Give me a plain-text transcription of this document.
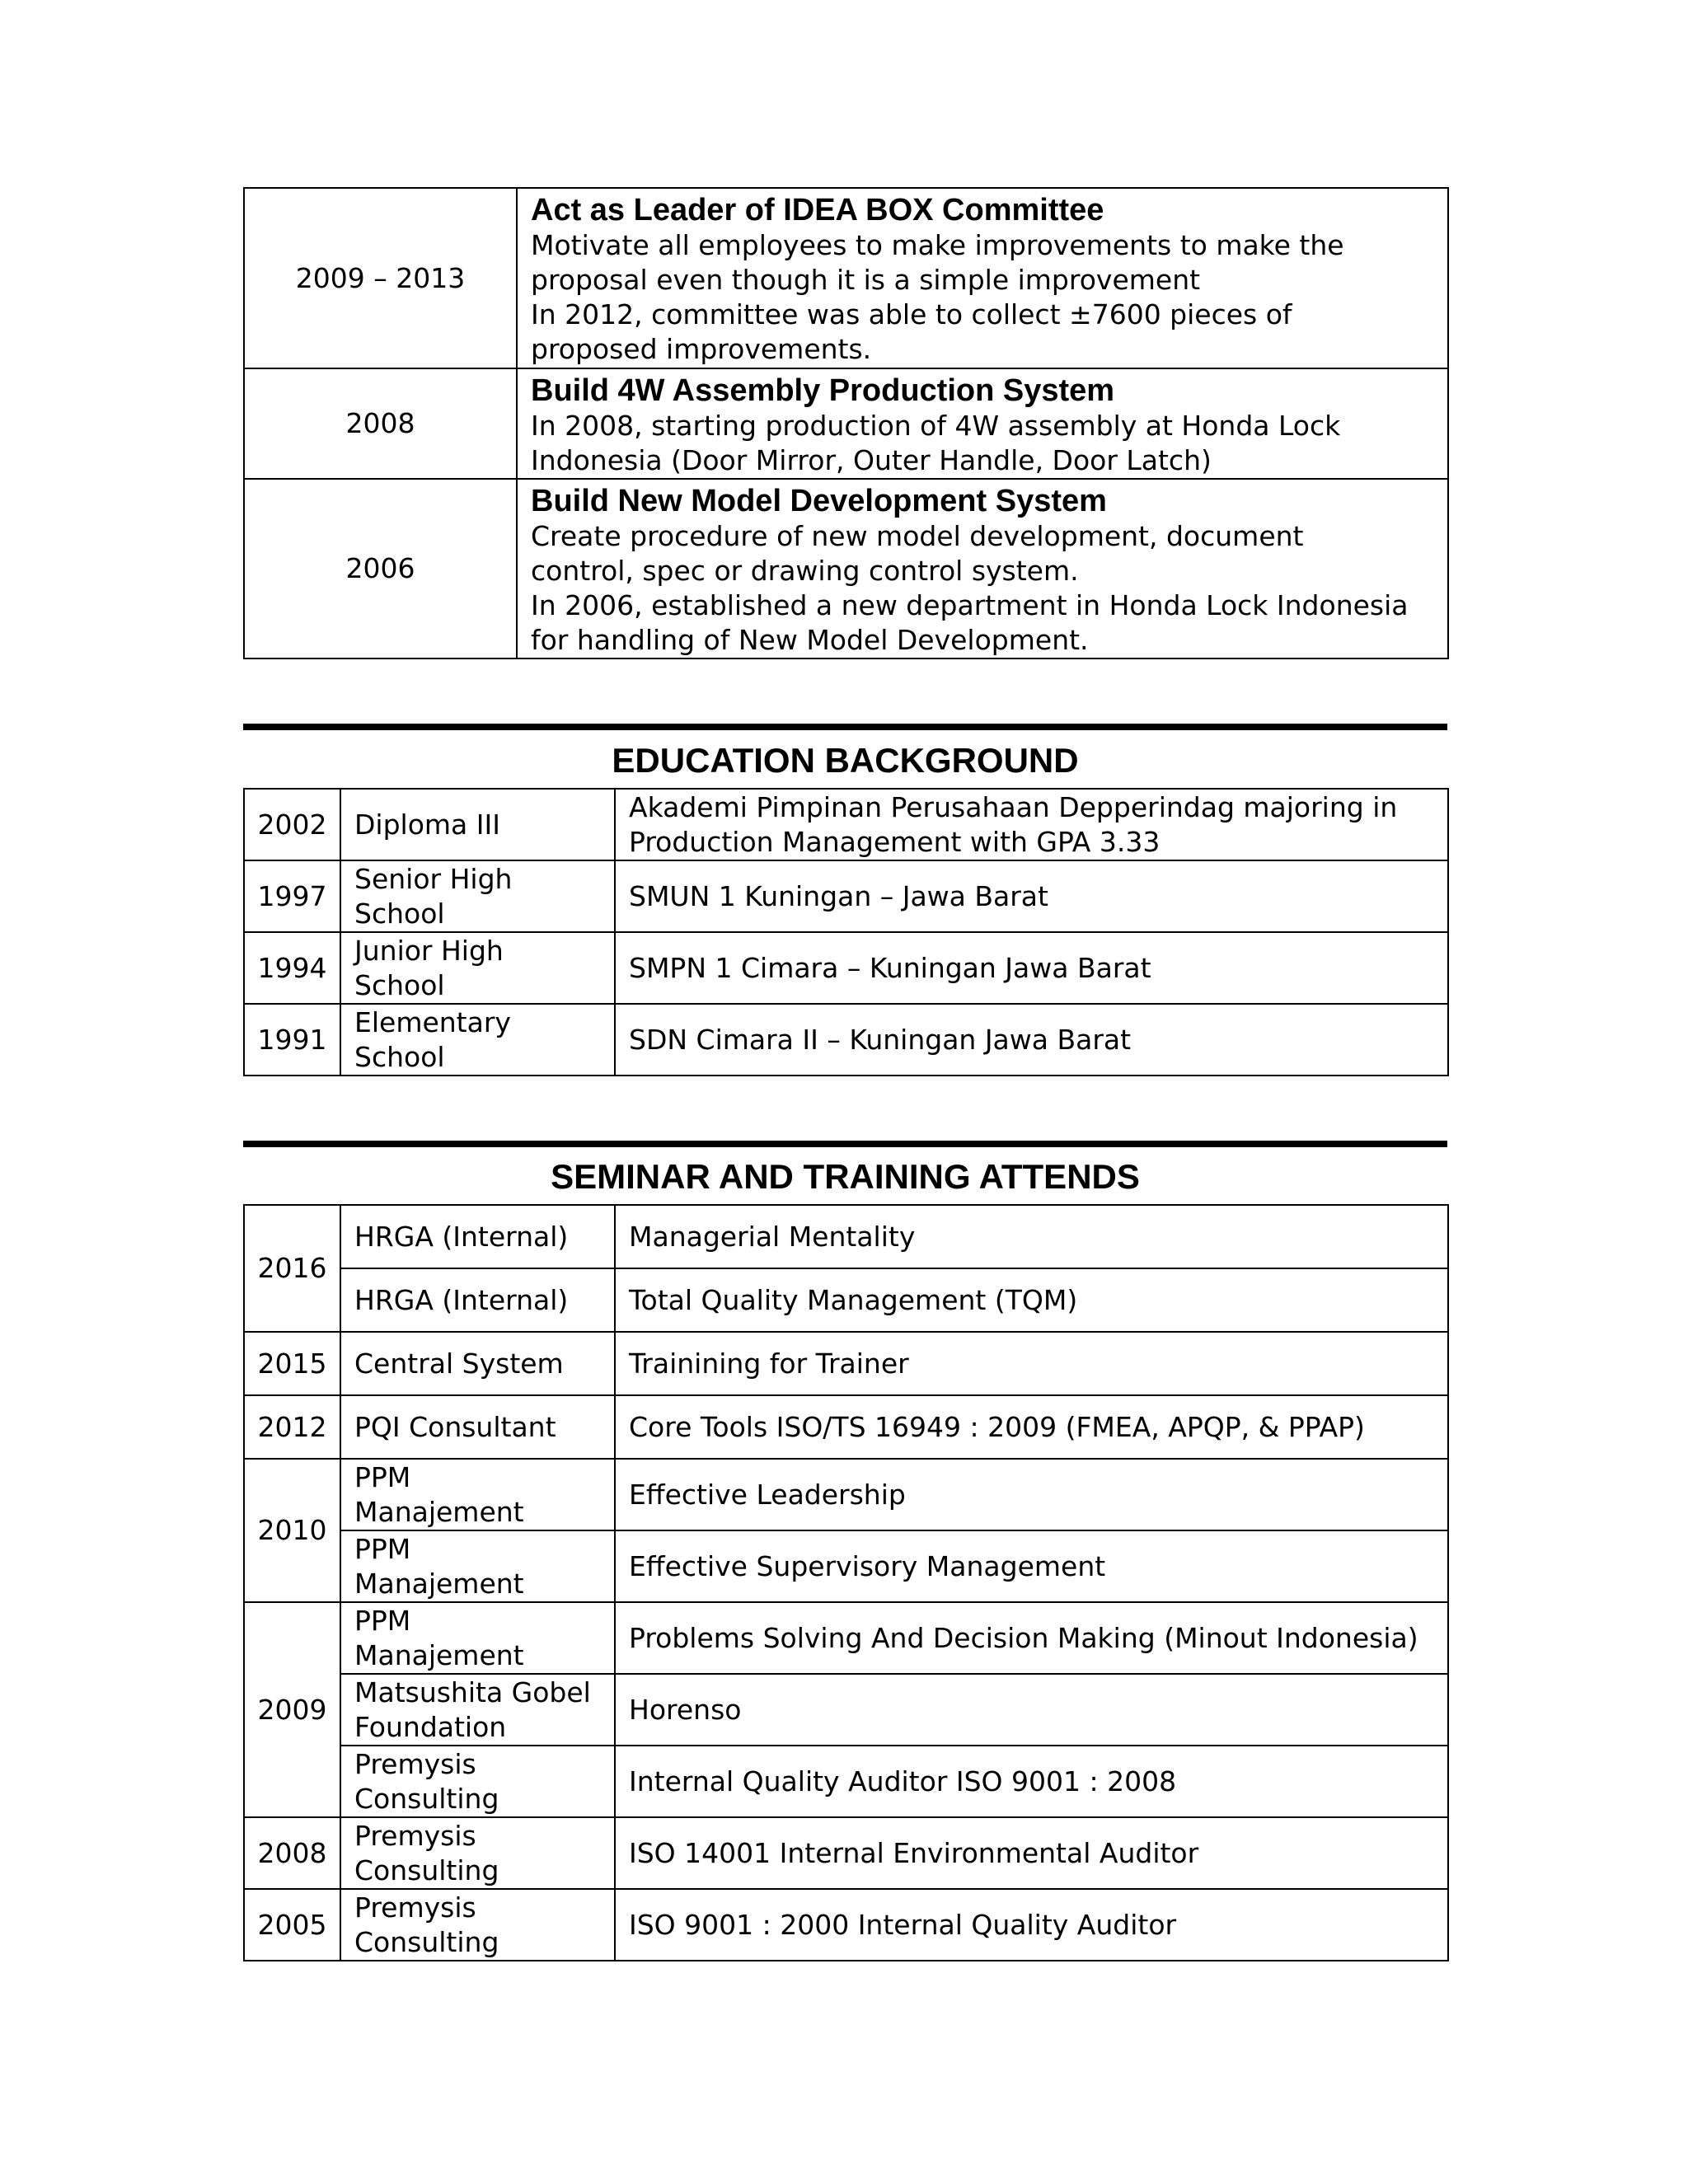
2009 – 2013	Act as Leader of IDEA BOX Committee
Motivate all employees to make improvements to make the
proposal even though it is a simple improvement
In 2012, committee was able to collect ±7600 pieces of
proposed improvements.

2008	Build 4W Assembly Production System
In 2008, starting production of 4W assembly at Honda Lock
Indonesia (Door Mirror, Outer Handle, Door Latch)

2006	Build New Model Development System
Create procedure of new model development, document
control, spec or drawing control system.
In 2006, established a new department in Honda Lock Indonesia
for handling of New Model Development.
EDUCATION BACKGROUND
2002	Diploma III	Akademi Pimpinan Perusahaan Depperindag majoring in
Production Management with GPA 3.33

1997	Senior High
School	SMUN 1 Kuningan – Jawa Barat

1994	Junior High
School	SMPN 1 Cimara – Kuningan Jawa Barat

1991	Elementary
School	SDN Cimara II – Kuningan Jawa Barat
SEMINAR AND TRAINING ATTENDS
2016	HRGA (Internal)	Managerial Mentality

	HRGA (Internal)	Total Quality Management (TQM)
2015	Central System	Trainining for Trainer
2012	PQI Consultant	Core Tools ISO/TS 16949 : 2009 (FMEA, APQP, & PPAP)
2010	PPM
Manajement	Effective Leadership

	PPM
Manajement	Effective Supervisory Management
2009	PPM
Manajement	Problems Solving And Decision Making (Minout Indonesia)

	Matsushita Gobel
Foundation	Horenso

	Premysis
Consulting	Internal Quality Auditor ISO 9001 : 2008
2008	Premysis
Consulting	ISO 14001 Internal Environmental Auditor
2005	Premysis
Consulting	ISO 9001 : 2000 Internal Quality Auditor
